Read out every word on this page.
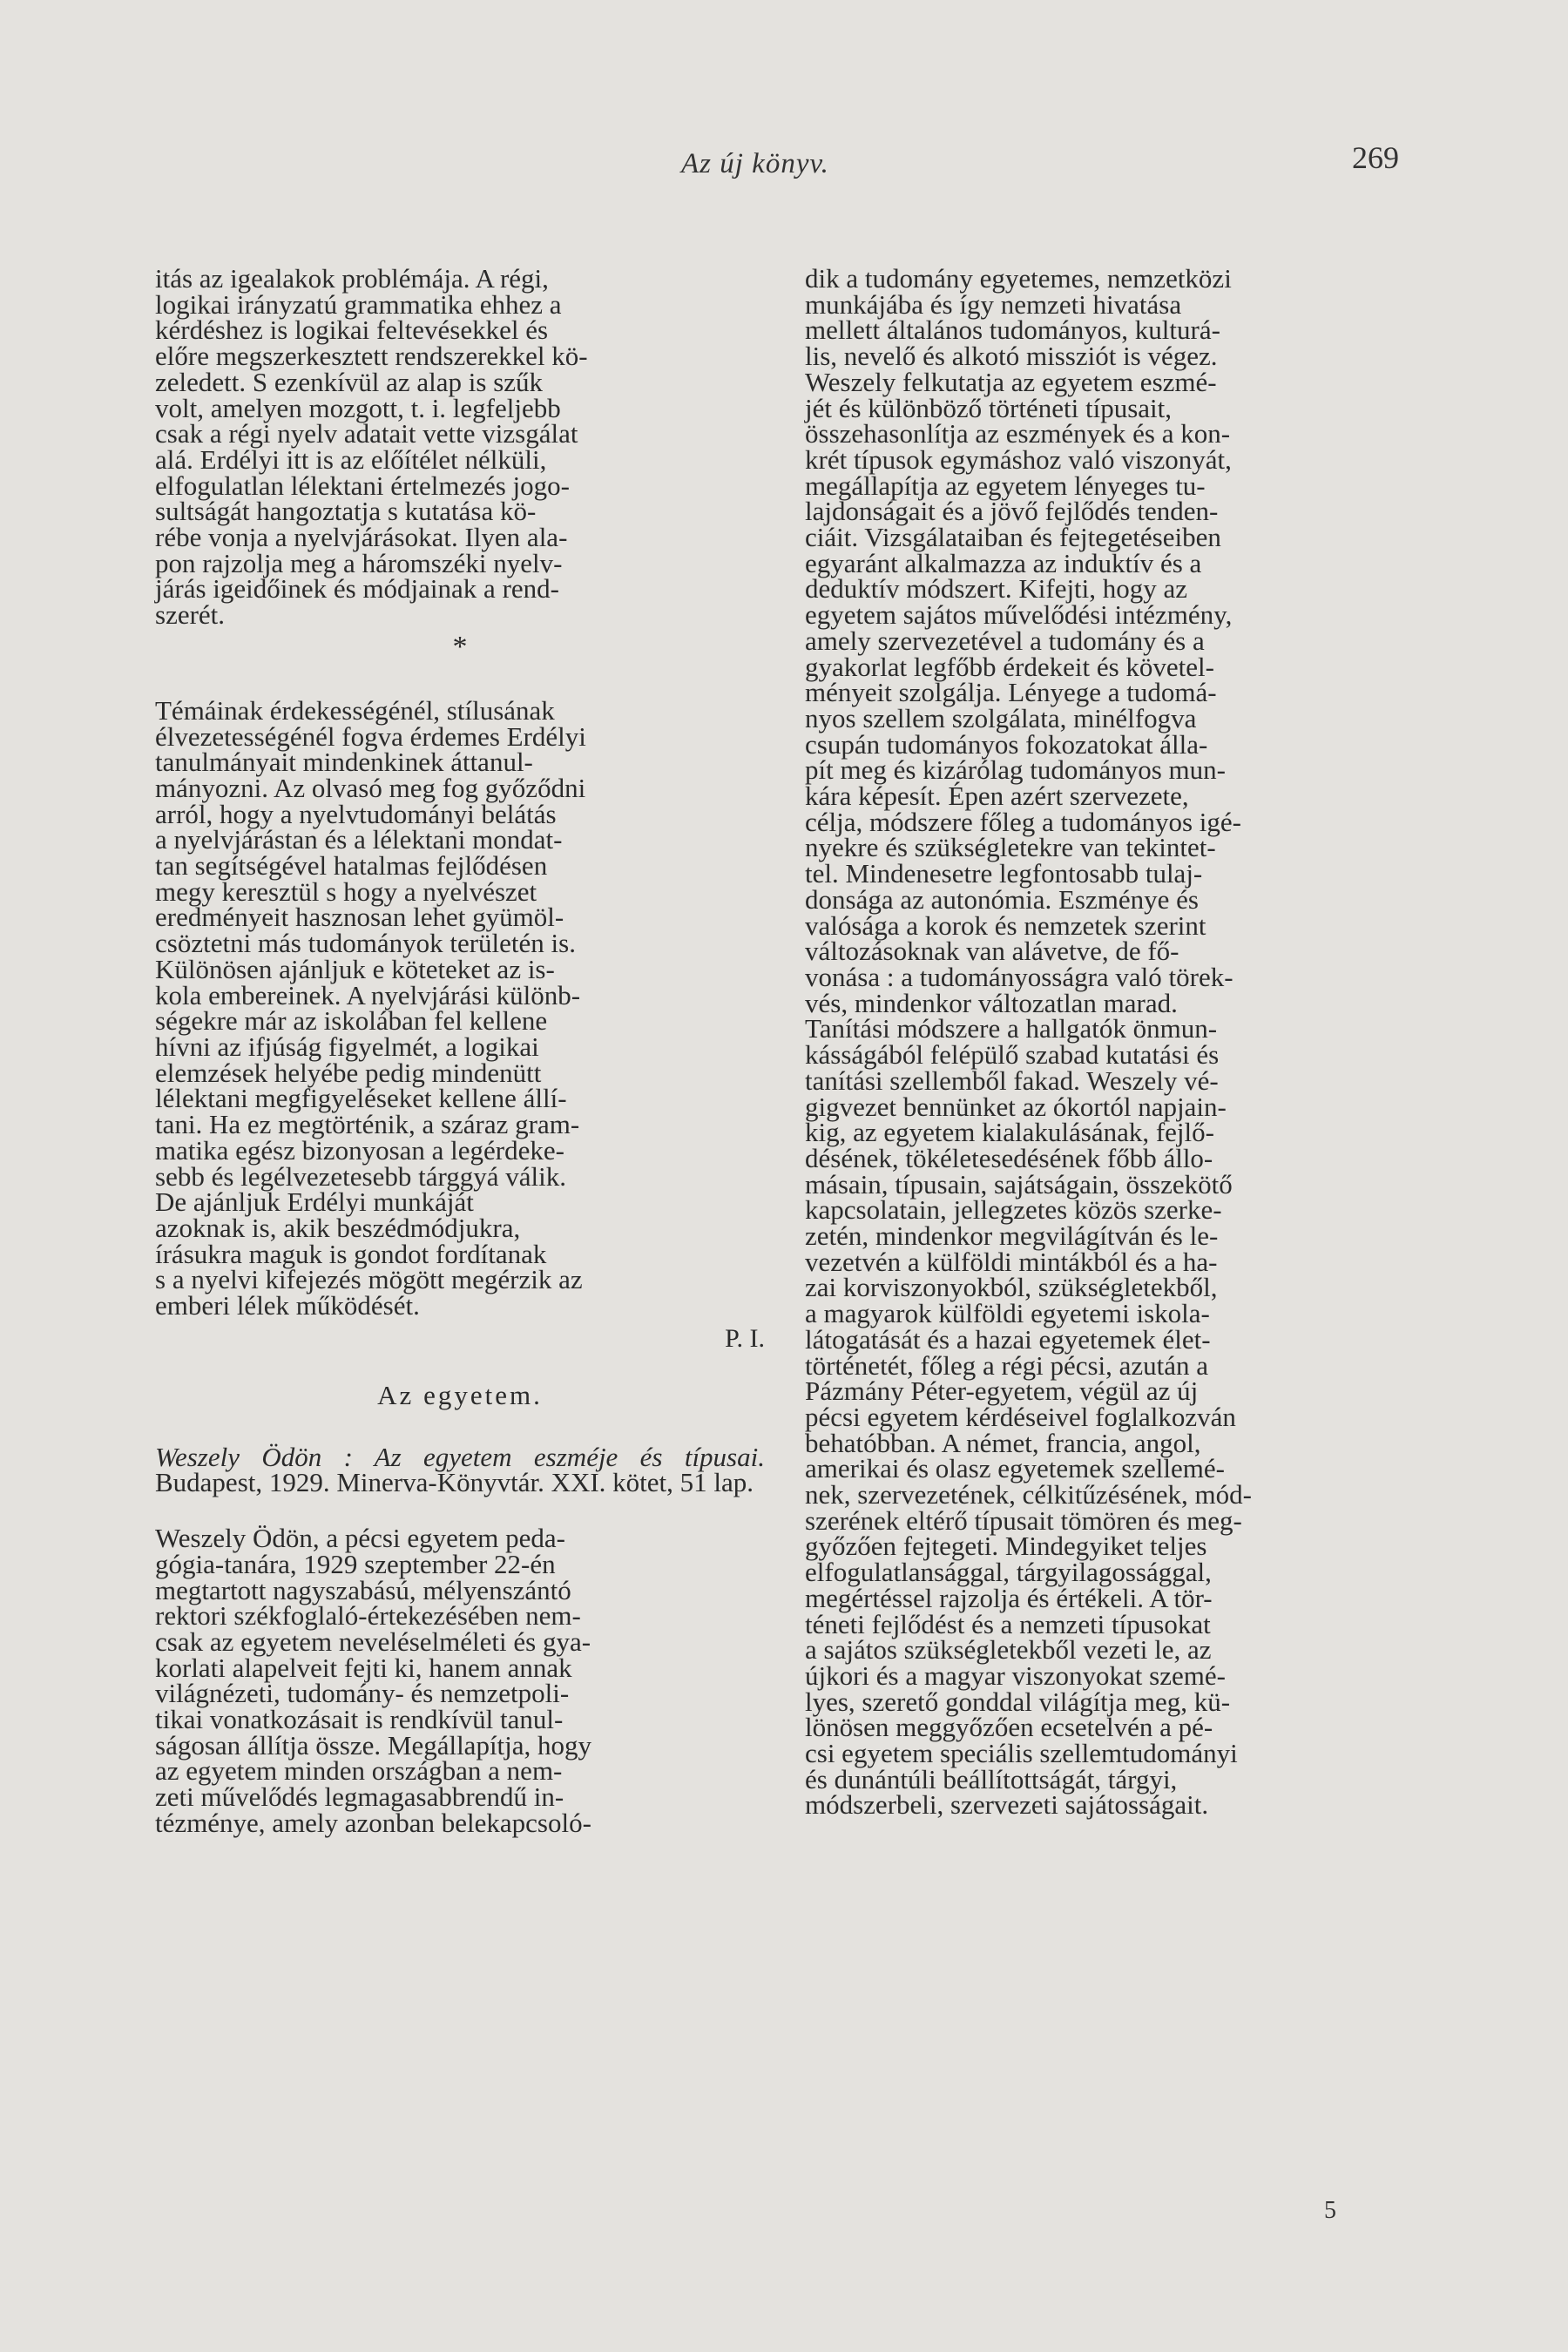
Az új könyv.	269

itás az igealakok problémája. A régi,
logikai irányzatú grammatika ehhez a
kérdéshez is logikai feltevésekkel és
előre megszerkesztett rendszerekkel kö-
zeledett. S ezenkívül az alap is szűk
volt, amelyen mozgott, t. i. legfeljebb
csak a régi nyelv adatait vette vizsgálat
alá. Erdélyi itt is az előítélet nélküli,
elfogulatlan lélektani értelmezés jogo-
sultságát hangoztatja s kutatása kö-
rébe vonja a nyelvjárásokat. Ilyen ala-
pon rajzolja meg a háromszéki nyelv-
járás igeidőinek és módjainak a rend-
szerét.

*

Témáinak érdekességénél, stílusának
élvezetességénél fogva érdemes Erdélyi
tanulmányait mindenkinek áttanul-
mányozni. Az olvasó meg fog győződni
arról, hogy a nyelvtudományi belátás
a nyelvjárástan és a lélektani mondat-
tan segítségével hatalmas fejlődésen
megy keresztül s hogy a nyelvészet
eredményeit hasznosan lehet gyümöl-
csöztetni más tudományok területén is.
Különösen ajánljuk e köteteket az is-
kola embereinek. A nyelvjárási különb-
ségekre már az iskolában fel kellene
hívni az ifjúság figyelmét, a logikai
elemzések helyébe pedig mindenütt
lélektani megfigyeléseket kellene állí-
tani. Ha ez megtörténik, a száraz gram-
matika egész bizonyosan a legérdeke-
sebb és legélvezetesebb tárggyá válik.
De ajánljuk Erdélyi munkáját
azoknak is, akik beszédmódjukra,
írásukra maguk is gondot fordítanak
s a nyelvi kifejezés mögött megérzik az
emberi lélek működését.

P. I.
Az egyetem.
Weszely Ödön : Az egyetem eszméje és típusai. Budapest, 1929. Minerva-Könyvtár. XXI. kötet, 51 lap.

Weszely Ödön, a pécsi egyetem peda-
gógia-tanára, 1929 szeptember 22-én
megtartott nagyszabású, mélyenszántó
rektori székfoglaló-értekezésében nem-
csak az egyetem neveléselméleti és gya-
korlati alapelveit fejti ki, hanem annak
világnézeti, tudomány- és nemzetpoli-
tikai vonatkozásait is rendkívül tanul-
ságosan állítja össze. Megállapítja, hogy
az egyetem minden országban a nem-
zeti művelődés legmagasabbrendű in-
tézménye, amely azonban belekapcsoló-

dik a tudomány egyetemes, nemzetközi
munkájába és így nemzeti hivatása
mellett általános tudományos, kulturá-
lis, nevelő és alkotó missziót is végez.
Weszely felkutatja az egyetem eszmé-
jét és különböző történeti típusait,
összehasonlítja az eszmények és a kon-
krét típusok egymáshoz való viszonyát,
megállapítja az egyetem lényeges tu-
lajdonságait és a jövő fejlődés tenden-
ciáit. Vizsgálataiban és fejtegetéseiben
egyaránt alkalmazza az induktív és a
deduktív módszert. Kifejti, hogy az
egyetem sajátos művelődési intézmény,
amely szervezetével a tudomány és a
gyakorlat legfőbb érdekeit és követel-
ményeit szolgálja. Lényege a tudomá-
nyos szellem szolgálata, minélfogva
csupán tudományos fokozatokat álla-
pít meg és kizárólag tudományos mun-
kára képesít. Épen azért szervezete,
célja, módszere főleg a tudományos igé-
nyekre és szükségletekre van tekintet-
tel. Mindenesetre legfontosabb tulaj-
donsága az autonómia. Eszménye és
valósága a korok és nemzetek szerint
változásoknak van alávetve, de fő-
vonása : a tudományosságra való törek-
vés, mindenkor változatlan marad.
Tanítási módszere a hallgatók önmun-
kásságából felépülő szabad kutatási és
tanítási szellemből fakad. Weszely vé-
gigvezet bennünket az ókortól napjain-
kig, az egyetem kialakulásának, fejlő-
désének, tökéletesedésének főbb állo-
másain, típusain, sajátságain, összekötő
kapcsolatain, jellegzetes közös szerke-
zetén, mindenkor megvilágítván és le-
vezetvén a külföldi mintákból és a ha-
zai korviszonyokból, szükségletekből,
a magyarok külföldi egyetemi iskola-
látogatását és a hazai egyetemek élet-
történetét, főleg a régi pécsi, azután a
Pázmány Péter-egyetem, végül az új
pécsi egyetem kérdéseivel foglalkozván
behatóbban. A német, francia, angol,
amerikai és olasz egyetemek szellemé-
nek, szervezetének, célkitűzésének, mód-
szerének eltérő típusait tömören és meg-
győzően fejtegeti. Mindegyiket teljes
elfogulatlansággal, tárgyilagossággal,
megértéssel rajzolja és értékeli. A tör-
téneti fejlődést és a nemzeti típusokat
a sajátos szükségletekből vezeti le, az
újkori és a magyar viszonyokat szemé-
lyes, szerető gonddal világítja meg, kü-
lönösen meggyőzően ecsetelvén a pé-
csi egyetem speciális szellemtudományi
és dunántúli beállítottságát, tárgyi,
módszerbeli, szervezeti sajátosságait.

5
